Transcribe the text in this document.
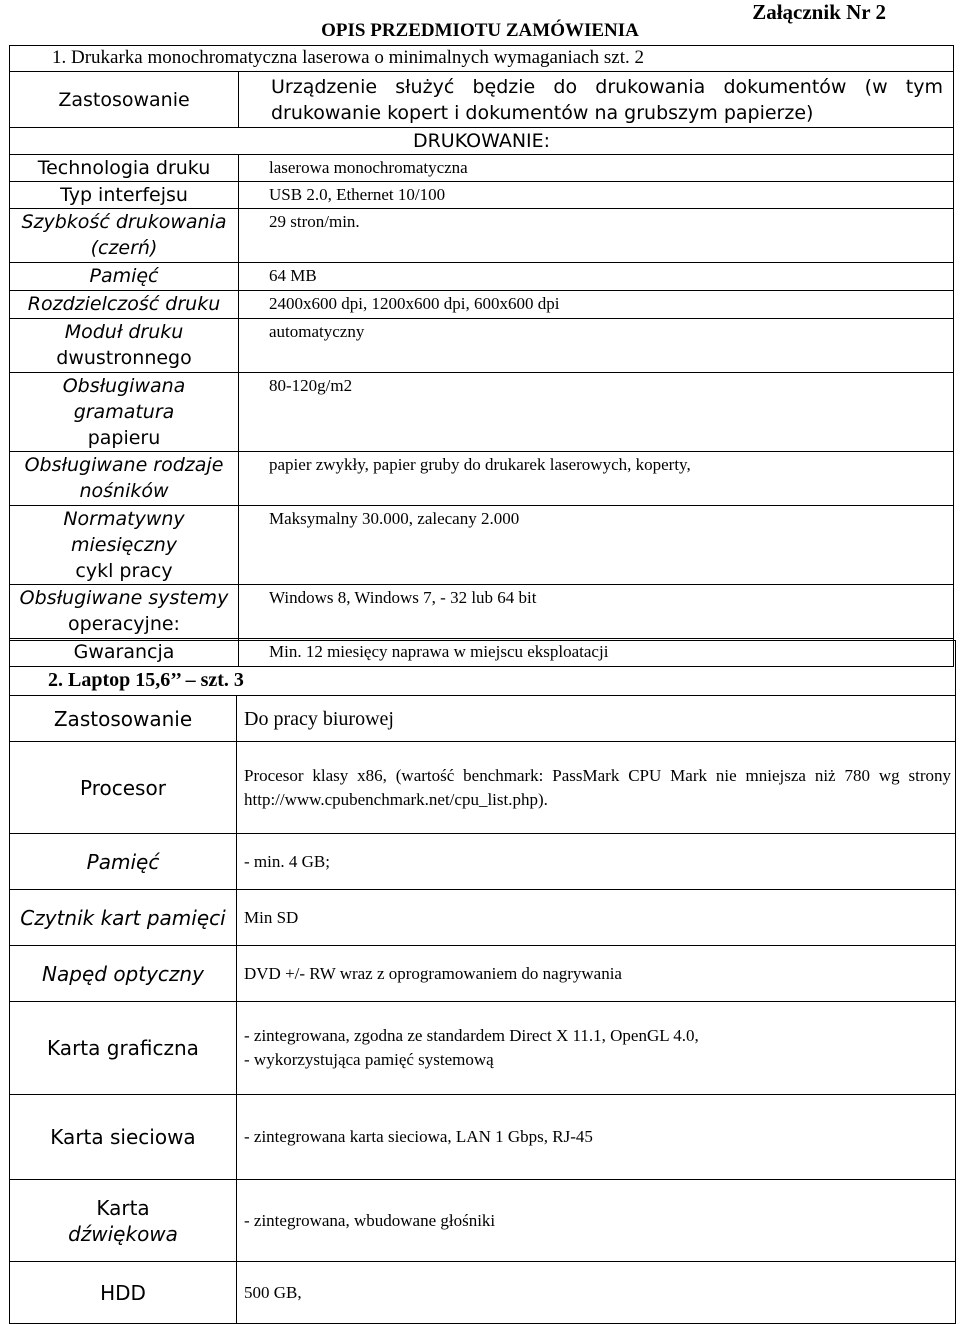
Załącznik Nr 2
OPIS PRZEDMIOTU ZAMÓWIENIA
1. Drukarka monochromatyczna laserowa o minimalnych wymaganiach szt. 2	
Zastosowanie	Urządzenie służyć będzie do drukowania dokumentów (w tym drukowanie kopert i dokumentów na grubszym papierze)
DRUKOWANIE:	
Technologia druku	laserowa monochromatyczna
Typ interfejsu	USB 2.0, Ethernet 10/100
Szybkość drukowania
(czerń)	29 stron/min.
Pamięć	64 MB
Rozdzielczość druku	2400x600 dpi, 1200x600 dpi, 600x600 dpi
Moduł druku
dwustronnego	automatyczny
Obsługiwana gramatura
papieru	80-120g/m2
Obsługiwane rodzaje
nośników	papier zwykły, papier gruby do drukarek laserowych, koperty,
Normatywny miesięczny
cykl pracy	Maksymalny 30.000, zalecany 2.000
Obsługiwane systemy
operacyjne:	Windows 8, Windows 7, - 32 lub 64 bit
Gwarancja	Min. 12 miesięcy naprawa w miejscu eksploatacji
2. Laptop 15,6’’ – szt. 3	
Zastosowanie	Do pracy biurowej
Procesor	Procesor klasy x86, (wartość benchmark: PassMark CPU Mark nie mniejsza niż 780 wg strony http://www.cpubenchmark.net/cpu_list.php).
Pamięć	- min. 4 GB;
Czytnik kart pamięci	Min SD
Napęd optyczny	DVD +/- RW wraz z oprogramowaniem do nagrywania
Karta graficzna	- zintegrowana, zgodna ze standardem Direct X 11.1, OpenGL 4.0,
- wykorzystująca pamięć systemową
Karta sieciowa	- zintegrowana karta sieciowa, LAN 1 Gbps, RJ-45
Karta
dźwiękowa	- zintegrowana, wbudowane głośniki
HDD	500 GB,
